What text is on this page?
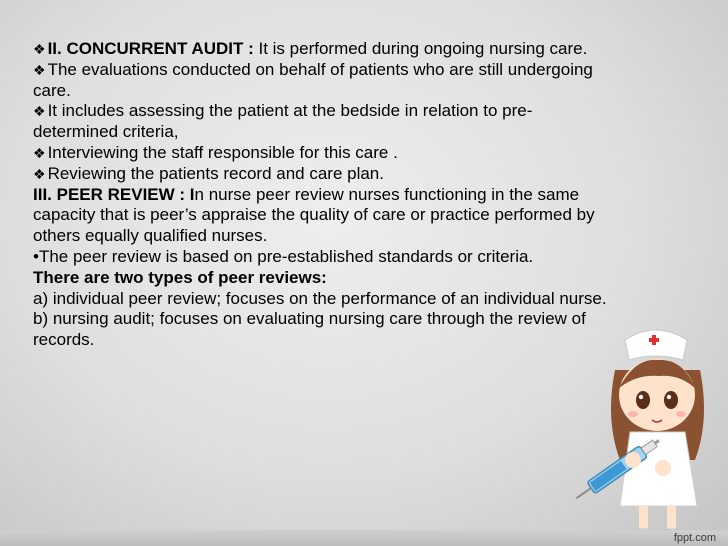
❖ II. CONCURRENT AUDIT : It is performed during ongoing nursing care.

❖ The evaluations conducted on behalf of patients who are still undergoing care.

❖ It includes assessing the patient at the bedside in relation to pre-determined criteria,

❖ Interviewing the staff responsible for this care .

❖ Reviewing the patients record and care plan.

III. PEER REVIEW : In nurse peer review nurses functioning in the same capacity that is peer’s appraise the quality of care or practice performed by others equally qualified nurses.

•The peer review is based on pre-established standards or criteria.

There are two types of peer reviews:

a) individual peer review; focuses on the performance of an individual nurse.

b) nursing audit; focuses on evaluating nursing care through the review of records.

fppt.com
